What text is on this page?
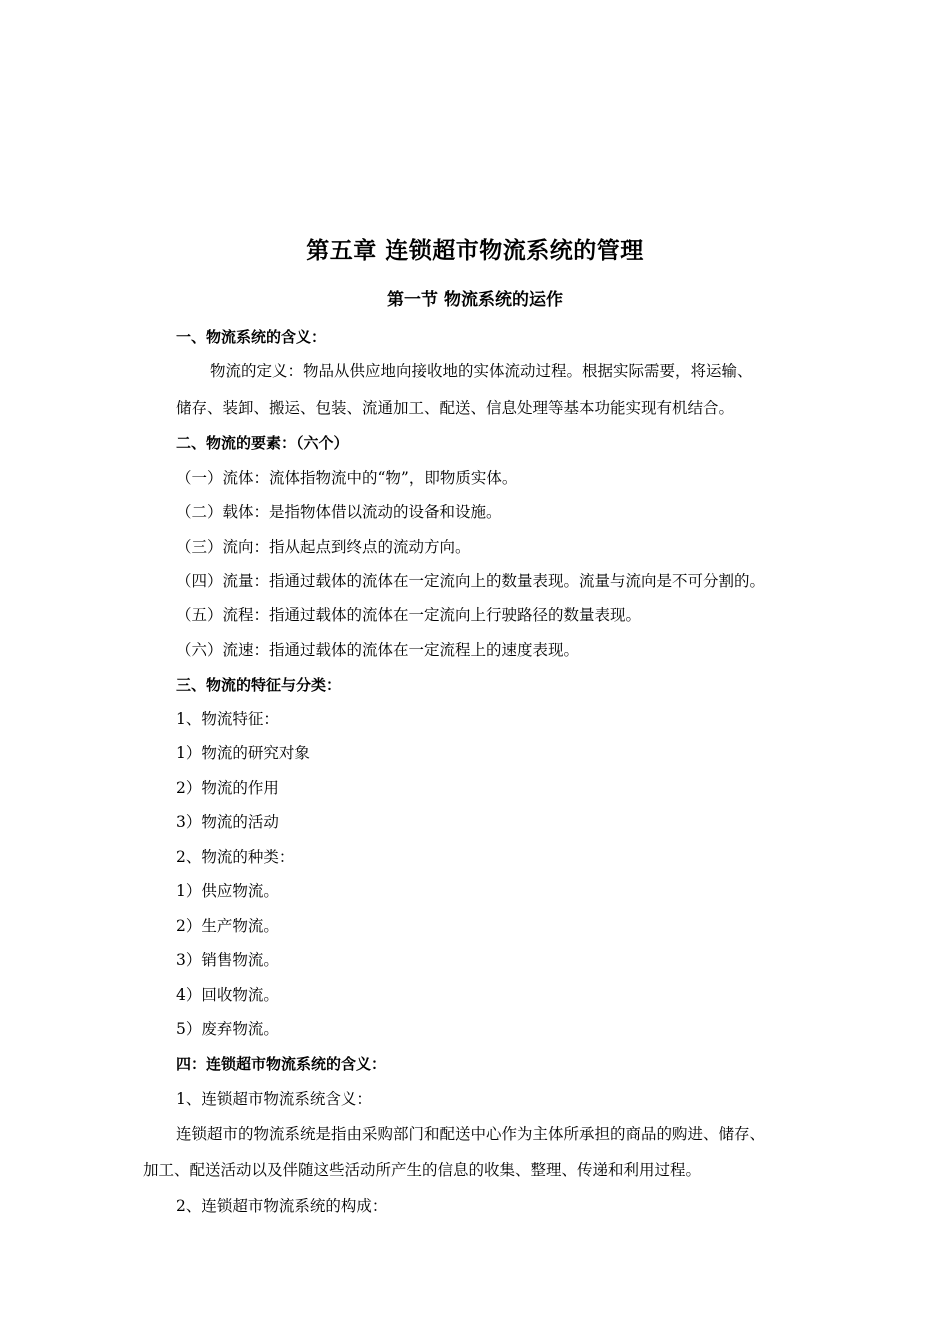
第五章 连锁超市物流系统的管理
第一节 物流系统的运作
一、物流系统的含义：
物流的定义：物品从供应地向接收地的实体流动过程。根据实际需要，将运输、
储存、装卸、搬运、包装、流通加工、配送、信息处理等基本功能实现有机结合。
二、物流的要素：（六个）
（一）流体：流体指物流中的“物”，即物质实体。
（二）载体：是指物体借以流动的设备和设施。
（三）流向：指从起点到终点的流动方向。
（四）流量：指通过载体的流体在一定流向上的数量表现。流量与流向是不可分割的。
（五）流程：指通过载体的流体在一定流向上行驶路径的数量表现。
（六）流速：指通过载体的流体在一定流程上的速度表现。
三、物流的特征与分类：
1、物流特征：
1）物流的研究对象
2）物流的作用
3）物流的活动
2、物流的种类：
1）供应物流。
2）生产物流。
3）销售物流。
4）回收物流。
5）废弃物流。
四：连锁超市物流系统的含义：
1、连锁超市物流系统含义：
连锁超市的物流系统是指由采购部门和配送中心作为主体所承担的商品的购进、储存、
加工、配送活动以及伴随这些活动所产生的信息的收集、整理、传递和利用过程。
2、连锁超市物流系统的构成：
